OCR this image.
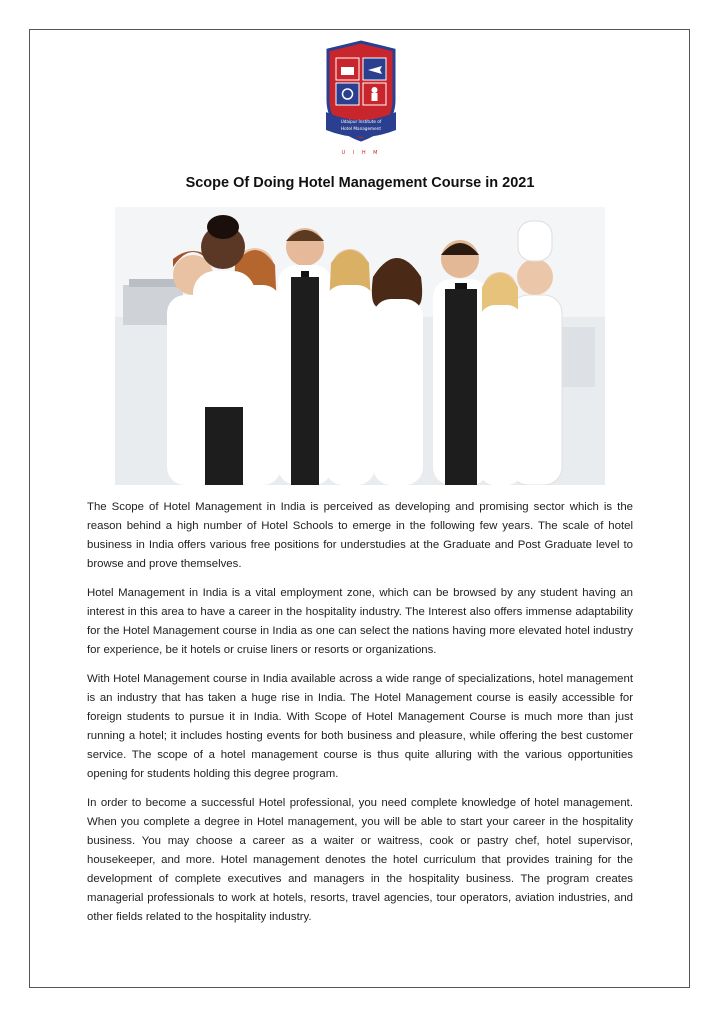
Udaipur Institute of
Hotel Management
U I H M
Scope Of Doing Hotel Management Course in 2021

The Scope of Hotel Management in India is perceived as developing and promising sector which is the reason behind a high number of Hotel Schools to emerge in the following few years. The scale of hotel business in India offers various free positions for understudies at the Graduate and Post Graduate level to browse and prove themselves.

Hotel Management in India is a vital employment zone, which can be browsed by any student having an interest in this area to have a career in the hospitality industry. The Interest also offers immense adaptability for the Hotel Management course in India as one can select the nations having more elevated hotel industry for experience, be it hotels or cruise liners or resorts or organizations.

With Hotel Management course in India available across a wide range of specializations, hotel management is an industry that has taken a huge rise in India. The Hotel Management course is easily accessible for foreign students to pursue it in India. With Scope of Hotel Management Course is much more than just running a hotel; it includes hosting events for both business and pleasure, while offering the best customer service. The scope of a hotel management course is thus quite alluring with the various opportunities opening for students holding this degree program.

In order to become a successful Hotel professional, you need complete knowledge of hotel management. When you complete a degree in Hotel management, you will be able to start your career in the hospitality business. You may choose a career as a waiter or waitress, cook or pastry chef, hotel supervisor, housekeeper, and more. Hotel management denotes the hotel curriculum that provides training for the development of complete executives and managers in the hospitality business. The program creates managerial professionals to work at hotels, resorts, travel agencies, tour operators, aviation industries, and other fields related to the hospitality industry.
